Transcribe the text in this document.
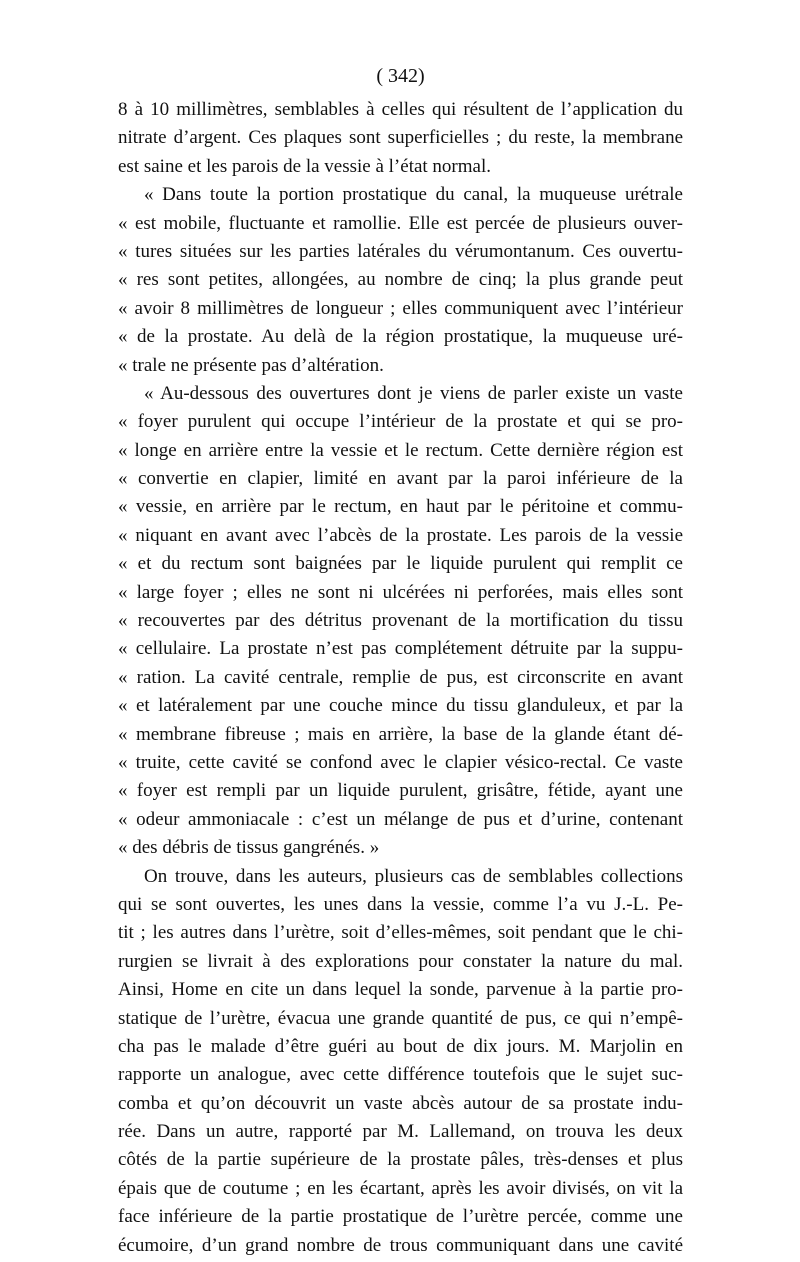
( 342)
8 à 10 millimètres, semblables à celles qui résultent de l’application du
nitrate d’argent. Ces plaques sont superficielles ; du reste, la membrane
est saine et les parois de la vessie à l’état normal.
« Dans toute la portion prostatique du canal, la muqueuse urétrale
« est mobile, fluctuante et ramollie. Elle est percée de plusieurs ouver-
« tures situées sur les parties latérales du vérumontanum. Ces ouvertu-
« res sont petites, allongées, au nombre de cinq; la plus grande peut
« avoir 8 millimètres de longueur ; elles communiquent avec l’intérieur
« de la prostate. Au delà de la région prostatique, la muqueuse uré-
« trale ne présente pas d’altération.
« Au-dessous des ouvertures dont je viens de parler existe un vaste
« foyer purulent qui occupe l’intérieur de la prostate et qui se pro-
« longe en arrière entre la vessie et le rectum. Cette dernière région est
« convertie en clapier, limité en avant par la paroi inférieure de la
« vessie, en arrière par le rectum, en haut par le péritoine et commu-
« niquant en avant avec l’abcès de la prostate. Les parois de la vessie
« et du rectum sont baignées par le liquide purulent qui remplit ce
« large foyer ; elles ne sont ni ulcérées ni perforées, mais elles sont
« recouvertes par des détritus provenant de la mortification du tissu
« cellulaire. La prostate n’est pas complétement détruite par la suppu-
« ration. La cavité centrale, remplie de pus, est circonscrite en avant
« et latéralement par une couche mince du tissu glanduleux, et par la
« membrane fibreuse ; mais en arrière, la base de la glande étant dé-
« truite, cette cavité se confond avec le clapier vésico-rectal. Ce vaste
« foyer est rempli par un liquide purulent, grisâtre, fétide, ayant une
« odeur ammoniacale : c’est un mélange de pus et d’urine, contenant
« des débris de tissus gangrénés. »
On trouve, dans les auteurs, plusieurs cas de semblables collections
qui se sont ouvertes, les unes dans la vessie, comme l’a vu J.-L. Pe-
tit ; les autres dans l’urètre, soit d’elles-mêmes, soit pendant que le chi-
rurgien se livrait à des explorations pour constater la nature du mal.
Ainsi, Home en cite un dans lequel la sonde, parvenue à la partie pro-
statique de l’urètre, évacua une grande quantité de pus, ce qui n’empê-
cha pas le malade d’être guéri au bout de dix jours. M. Marjolin en
rapporte un analogue, avec cette différence toutefois que le sujet suc-
comba et qu’on découvrit un vaste abcès autour de sa prostate indu-
rée. Dans un autre, rapporté par M. Lallemand, on trouva les deux
côtés de la partie supérieure de la prostate pâles, très-denses et plus
épais que de coutume ; en les écartant, après les avoir divisés, on vit la
face inférieure de la partie prostatique de l’urètre percée, comme une
écumoire, d’un grand nombre de trous communiquant dans une cavité
